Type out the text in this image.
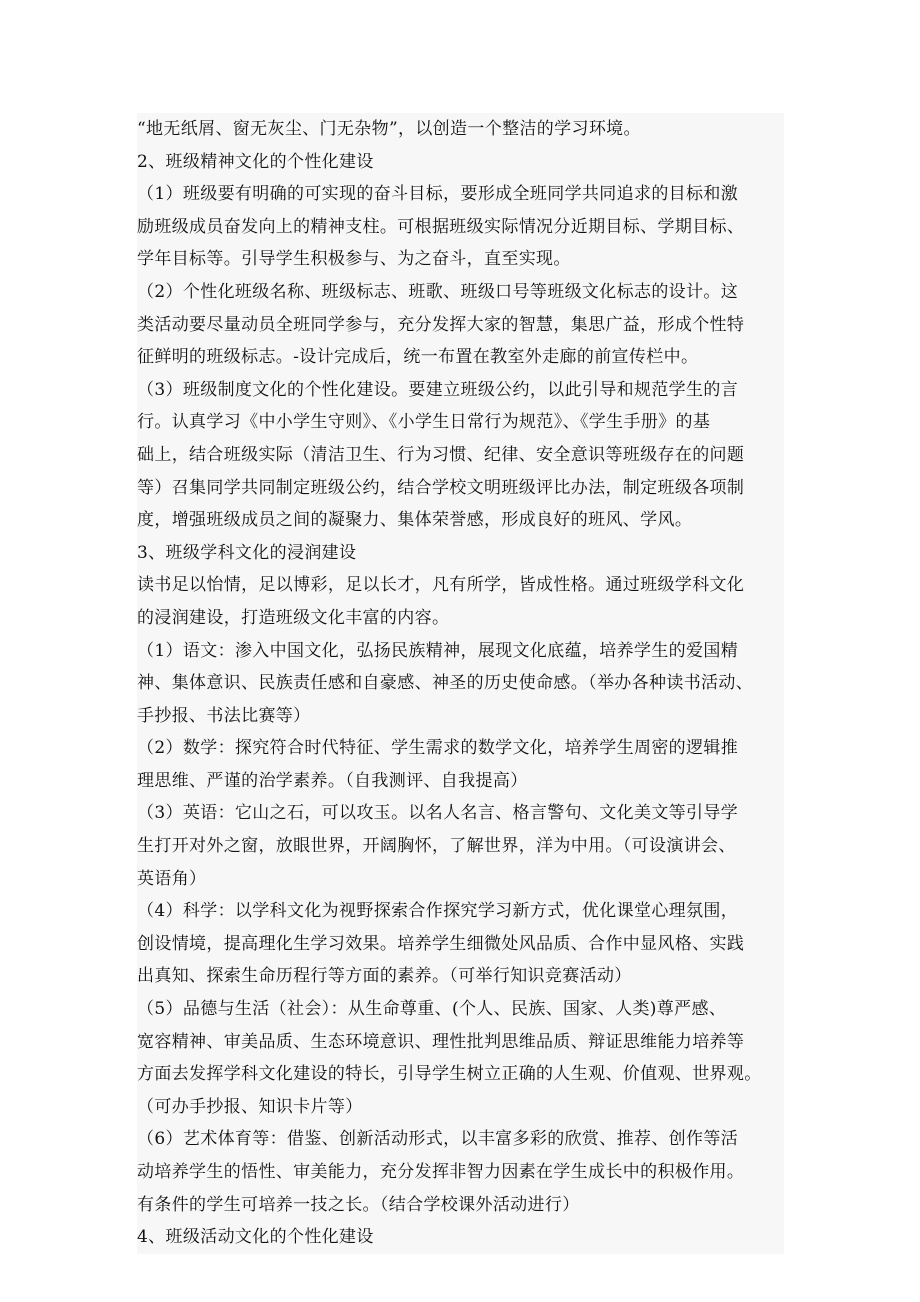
“地无纸屑、窗无灰尘、门无杂物”，以创造一个整洁的学习环境。
2、班级精神文化的个性化建设
（1）班级要有明确的可实现的奋斗目标，要形成全班同学共同追求的目标和激
励班级成员奋发向上的精神支柱。可根据班级实际情况分近期目标、学期目标、
学年目标等。引导学生积极参与、为之奋斗，直至实现。
（2）个性化班级名称、班级标志、班歌、班级口号等班级文化标志的设计。这
类活动要尽量动员全班同学参与，充分发挥大家的智慧，集思广益，形成个性特
征鲜明的班级标志。-设计完成后，统一布置在教室外走廊的前宣传栏中。
（3）班级制度文化的个性化建设。要建立班级公约，以此引导和规范学生的言
行。认真学习《中小学生守则》、《小学生日常行为规范》、《学生手册》的基
础上，结合班级实际（清洁卫生、行为习惯、纪律、安全意识等班级存在的问题
等）召集同学共同制定班级公约，结合学校文明班级评比办法，制定班级各项制
度，增强班级成员之间的凝聚力、集体荣誉感，形成良好的班风、学风。
3、班级学科文化的浸润建设
读书足以怡情，足以博彩，足以长才，凡有所学，皆成性格。通过班级学科文化
的浸润建设，打造班级文化丰富的内容。
（1）语文：渗入中国文化，弘扬民族精神，展现文化底蕴，培养学生的爱国精
神、集体意识、民族责任感和自豪感、神圣的历史使命感。（举办各种读书活动、
手抄报、书法比赛等）
（2）数学：探究符合时代特征、学生需求的数学文化，培养学生周密的逻辑推
理思维、严谨的治学素养。（自我测评、自我提高）
（3）英语：它山之石，可以攻玉。以名人名言、格言警句、文化美文等引导学
生打开对外之窗，放眼世界，开阔胸怀，了解世界，洋为中用。（可设演讲会、
英语角）
（4）科学：以学科文化为视野探索合作探究学习新方式，优化课堂心理氛围，
创设情境，提高理化生学习效果。培养学生细微处风品质、合作中显风格、实践
出真知、探索生命历程行等方面的素养。（可举行知识竞赛活动）
（5）品德与生活（社会）：从生命尊重、(个人、民族、国家、人类)尊严感、
宽容精神、审美品质、生态环境意识、理性批判思维品质、辩证思维能力培养等
方面去发挥学科文化建设的特长，引导学生树立正确的人生观、价值观、世界观。
（可办手抄报、知识卡片等）
（6）艺术体育等：借鉴、创新活动形式，以丰富多彩的欣赏、推荐、创作等活
动培养学生的悟性、审美能力，充分发挥非智力因素在学生成长中的积极作用。
有条件的学生可培养一技之长。（结合学校课外活动进行）
4、班级活动文化的个性化建设
